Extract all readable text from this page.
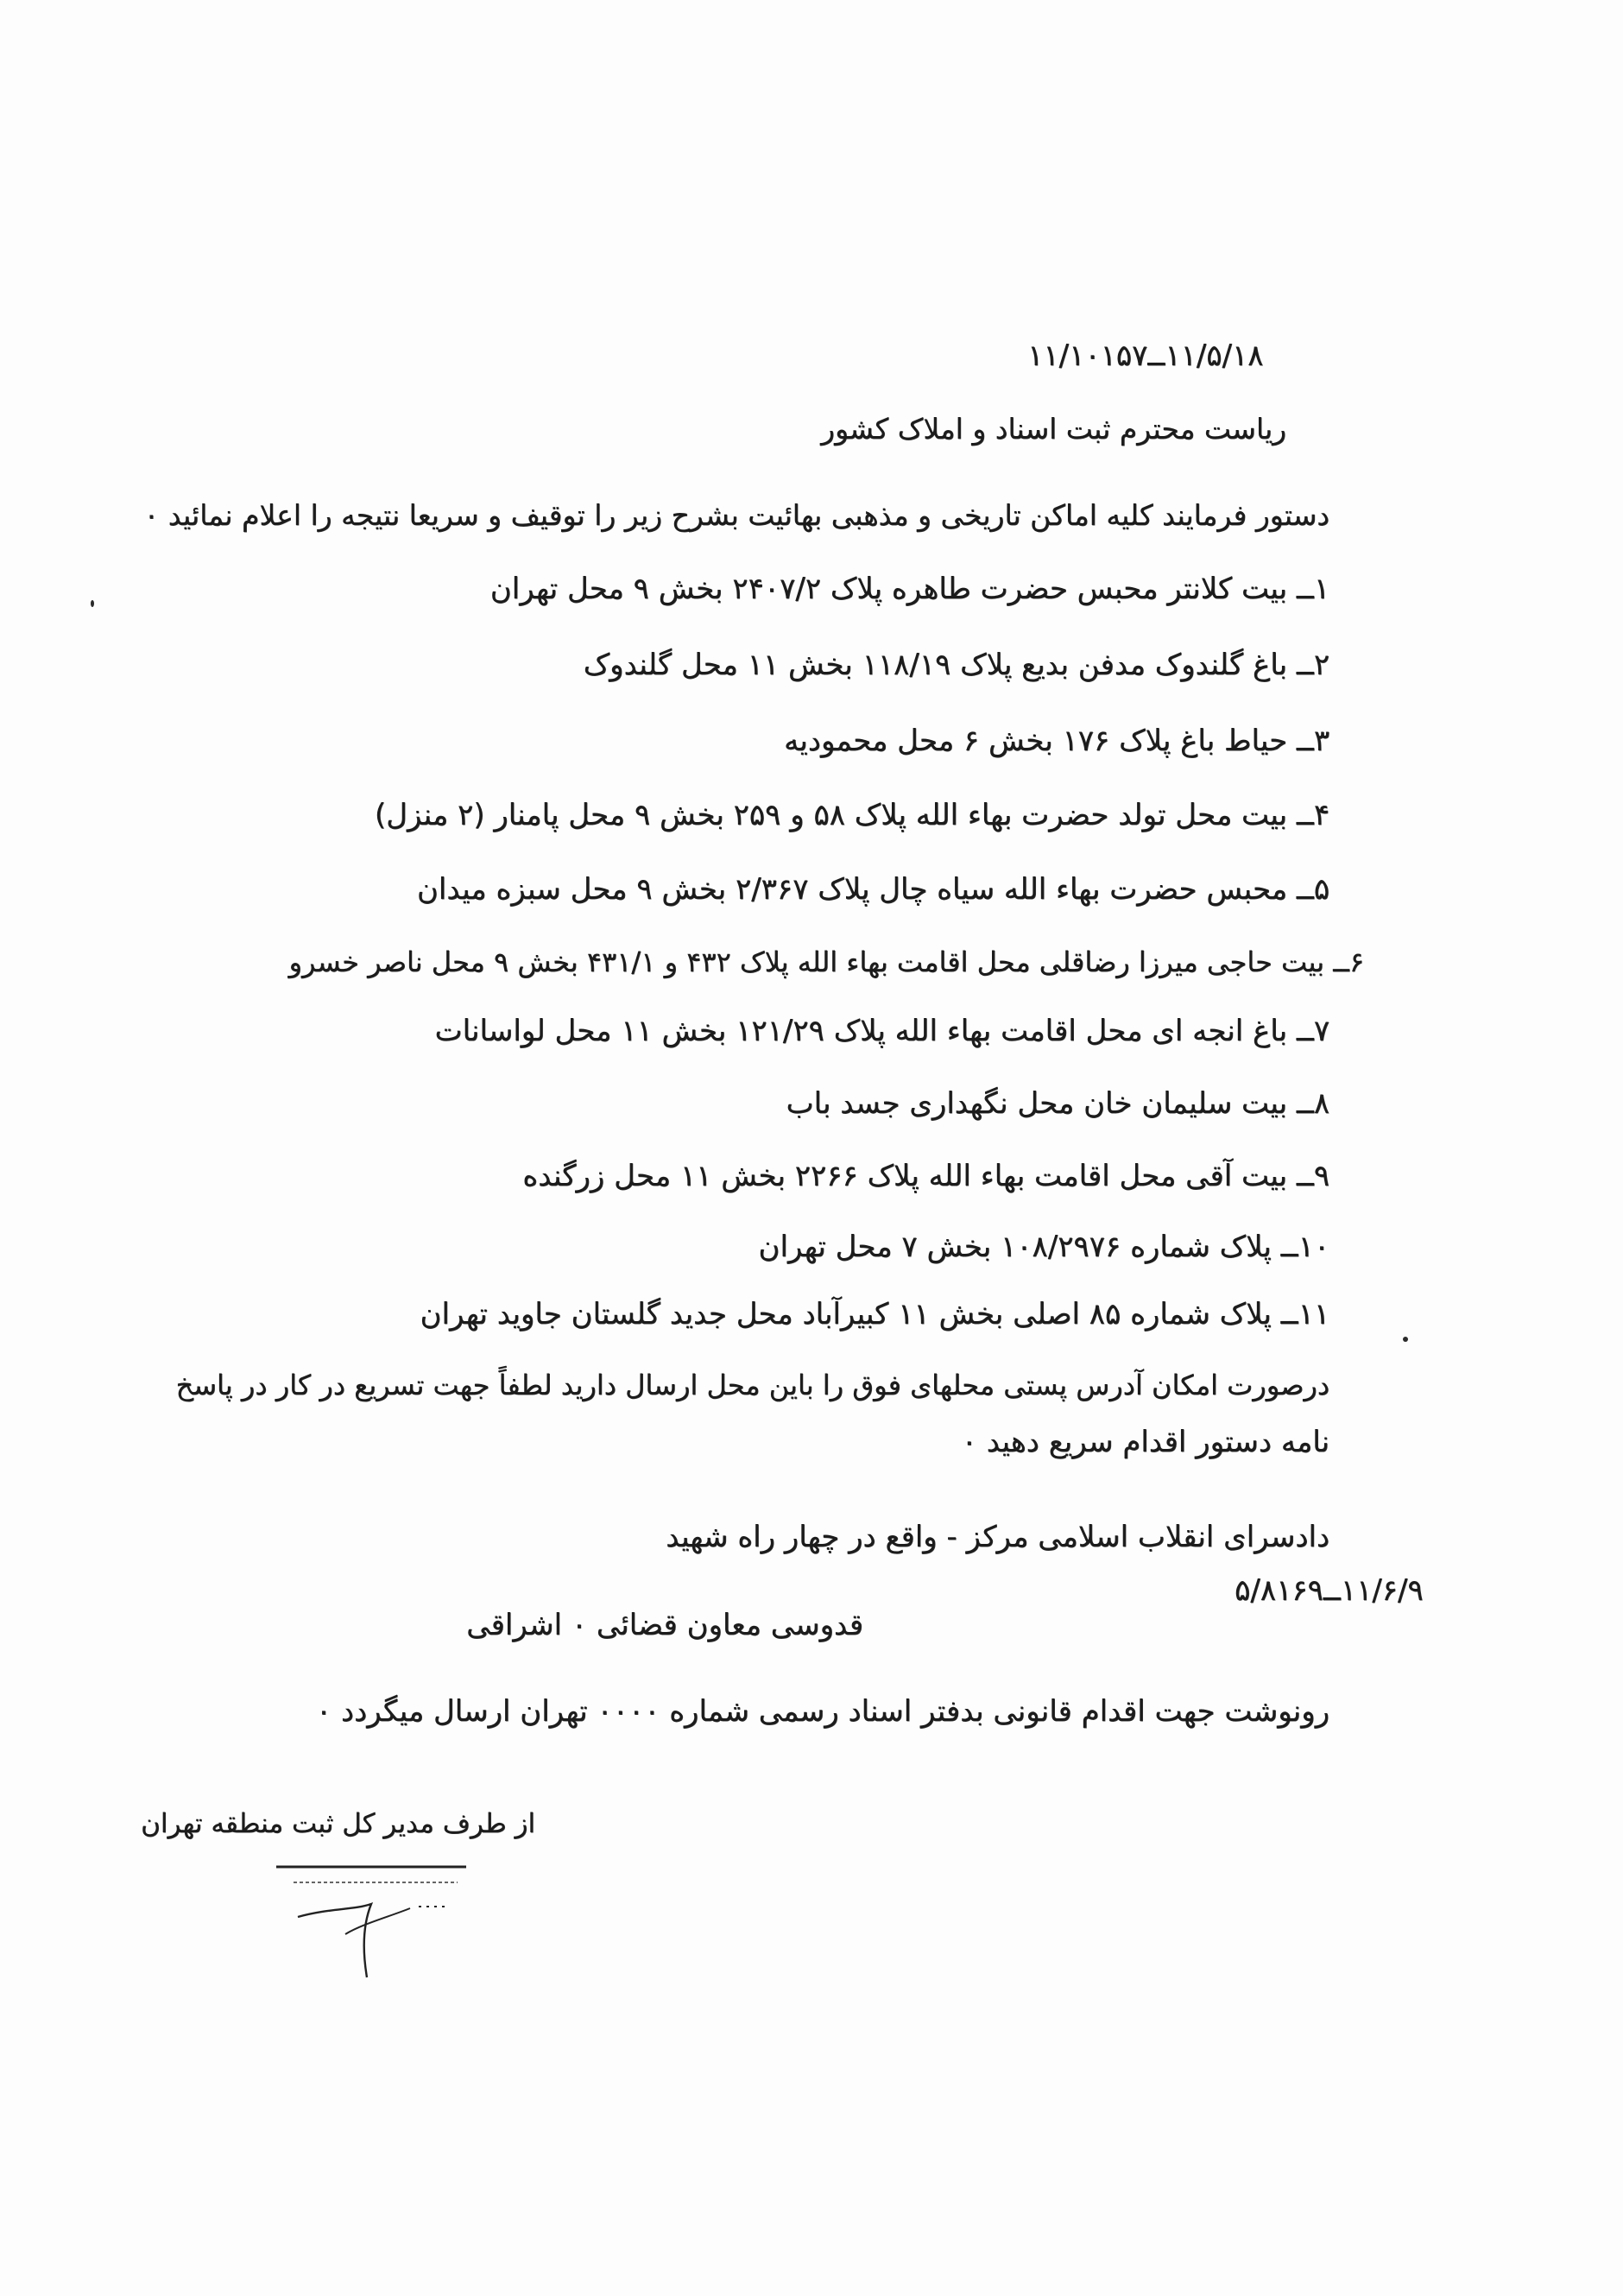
۱۱/۵/۱۸ــ۱۱/۱۰۱۵۷
ریاست محترم ثبت اسناد و املاک کشور
دستور فرمایند کلیه اماکن تاریخی و مذهبی بهائیت بشرح زیر را توقیف و سریعا نتیجه را اعلام نمائید ۰
۱ــ بیت کلانتر محبس حضرت طاهره پلاک ۲۴۰۷/۲ بخش ۹ محل تهران
۲ــ باغ گلندوک مدفن بدیع پلاک ۱۱۸/۱۹ بخش ۱۱ محل گلندوک
۳ــ حیاط باغ پلاک ۱۷۶ بخش ۶ محل محمودیه
۴ــ بیت محل تولد حضرت بهاء الله پلاک ۵۸ و ۲۵۹ بخش ۹ محل پامنار (۲ منزل)
۵ــ محبس حضرت بهاء الله سیاه چال پلاک ۲/۳۶۷ بخش ۹ محل سبزه میدان
۶ــ بیت حاجی میرزا رضاقلی محل اقامت بهاء الله پلاک ۴۳۲ و ۴۳۱/۱ بخش ۹ محل ناصر خسرو
۷ــ باغ انجه ای محل اقامت بهاء الله پلاک ۱۲۱/۲۹ بخش ۱۱ محل لواسانات
۸ــ بیت سلیمان خان محل نگهداری جسد باب
۹ــ بیت آقی محل اقامت بهاء الله پلاک ۲۲۶۶ بخش ۱۱ محل زرگنده
۱۰ــ پلاک شماره ۱۰۸/۲۹۷۶ بخش ۷ محل تهران
۱۱ــ پلاک شماره ۸۵ اصلی بخش ۱۱ کبیرآباد محل جدید گلستان جاوید تهران
درصورت امکان آدرس پستی محلهای فوق را باین محل ارسال دارید لطفاً جهت تسریع در کار در پاسخ
نامه دستور اقدام سریع دهید ۰
دادسرای انقلاب اسلامی مرکز - واقع در چهار راه شهید
۱۱/۶/۹ــ۵/۸۱۶۹
قدوسی معاون قضائی ۰ اشراقی
رونوشت جهت اقدام قانونی بدفتر اسناد رسمی شماره ۰۰۰۰ تهران ارسال میگردد ۰
از طرف مدیر کل ثبت منطقه تهران
